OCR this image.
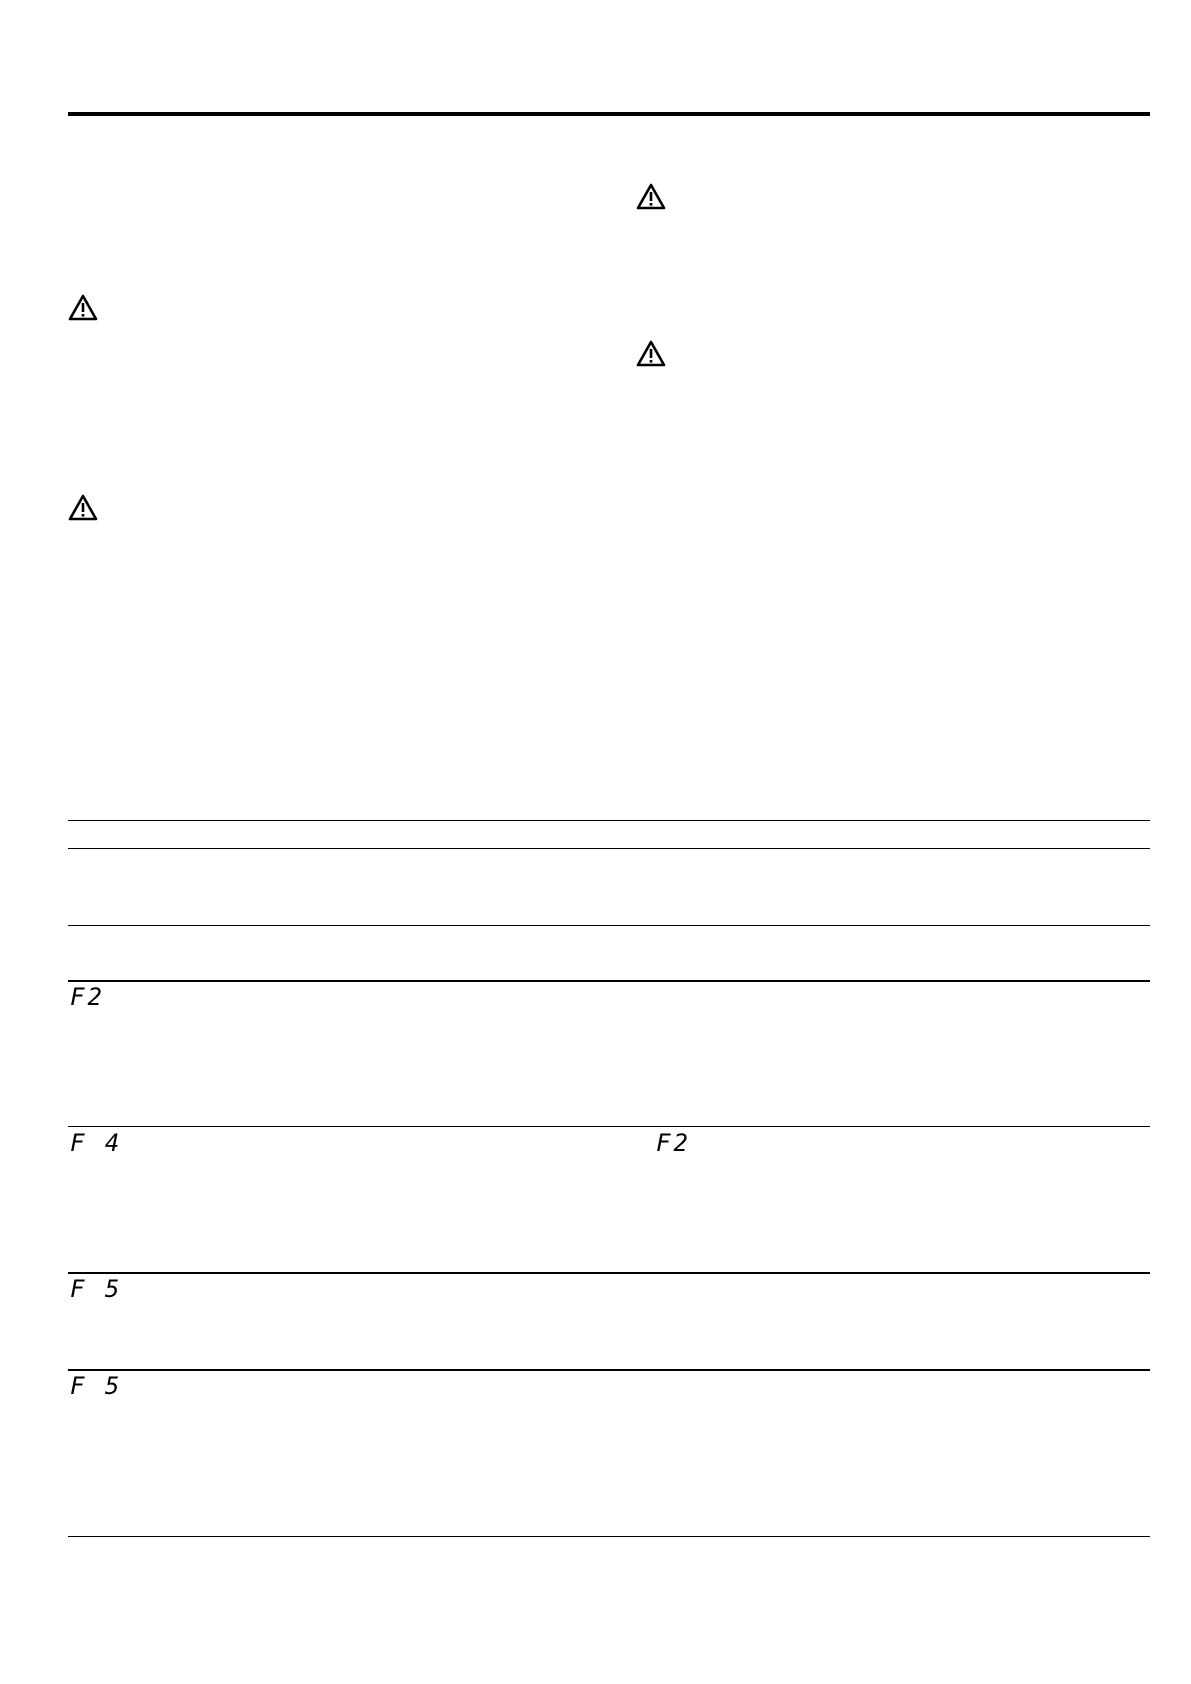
F2
F 4	F2
F 5
F 5
